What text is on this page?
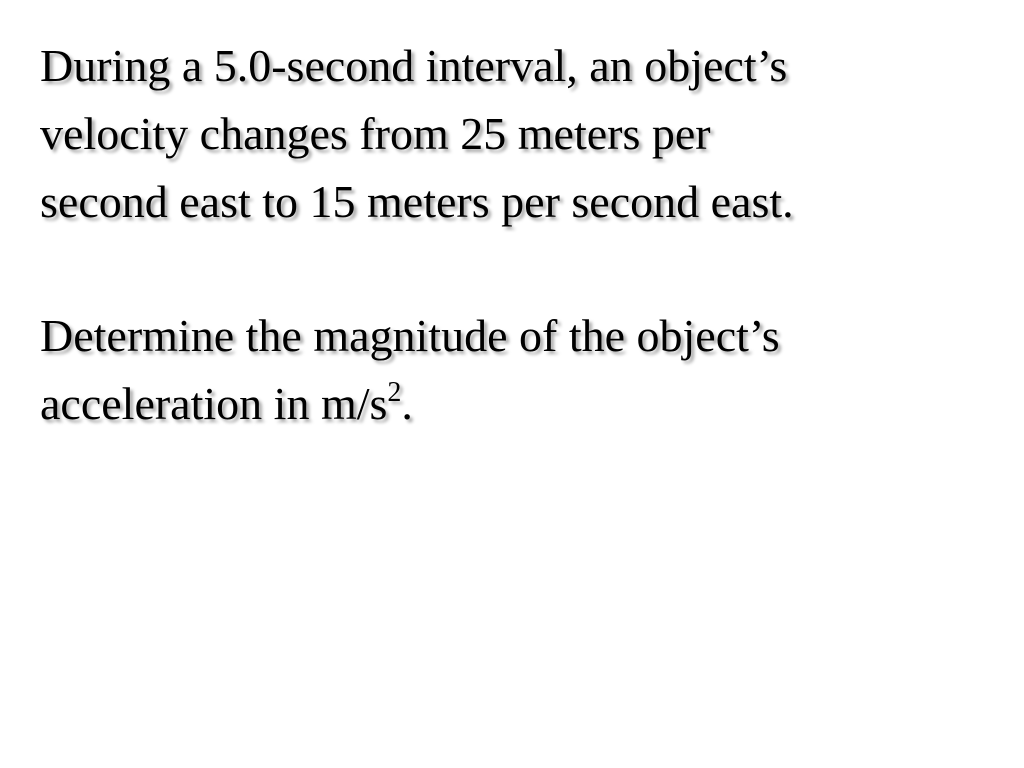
During a 5.0-second interval, an object’s
velocity changes from 25 meters per
second east to 15 meters per second east.

Determine the magnitude of the object’s
acceleration in $m/s^2$.
